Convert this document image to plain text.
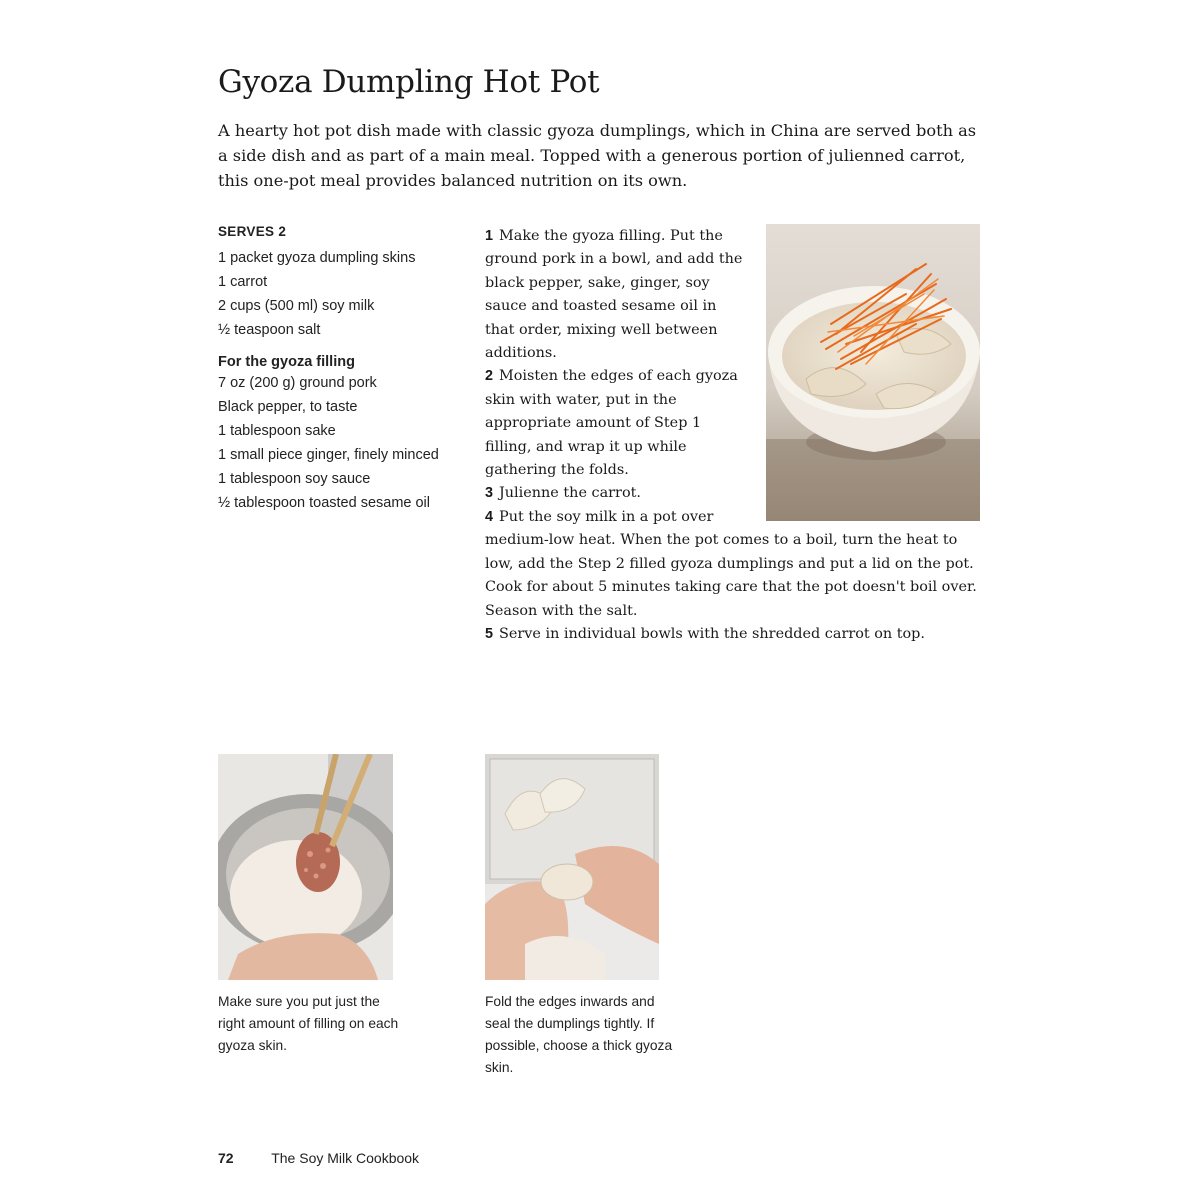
Gyoza Dumpling Hot Pot

A hearty hot pot dish made with classic gyoza dumplings, which in China are served both as a side dish and as part of a main meal. Topped with a generous portion of julienned carrot, this one-pot meal provides balanced nutrition on its own.

SERVES 2
1 packet gyoza dumpling skins
1 carrot
2 cups (500 ml) soy milk
½ teaspoon salt
For the gyoza filling
7 oz (200 g) ground pork
Black pepper, to taste
1 tablespoon sake
1 small piece ginger, finely minced
1 tablespoon soy sauce
½ tablespoon toasted sesame oil

1 Make the gyoza filling. Put the ground pork in a bowl, and add the black pepper, sake, ginger, soy sauce and toasted sesame oil in that order, mixing well between additions.

2 Moisten the edges of each gyoza skin with water, put in the appropriate amount of Step 1 filling, and wrap it up while gathering the folds.

3 Julienne the carrot.

4 Put the soy milk in a pot over medium-low heat. When the pot comes to a boil, turn the heat to low, add the Step 2 filled gyoza dumplings and put a lid on the pot. Cook for about 5 minutes taking care that the pot doesn't boil over. Season with the salt.

5 Serve in individual bowls with the shredded carrot on top.

Make sure you put just the right amount of filling on each gyoza skin.

Fold the edges inwards and seal the dumplings tightly. If possible, choose a thick gyoza skin.

72	The Soy Milk Cookbook
